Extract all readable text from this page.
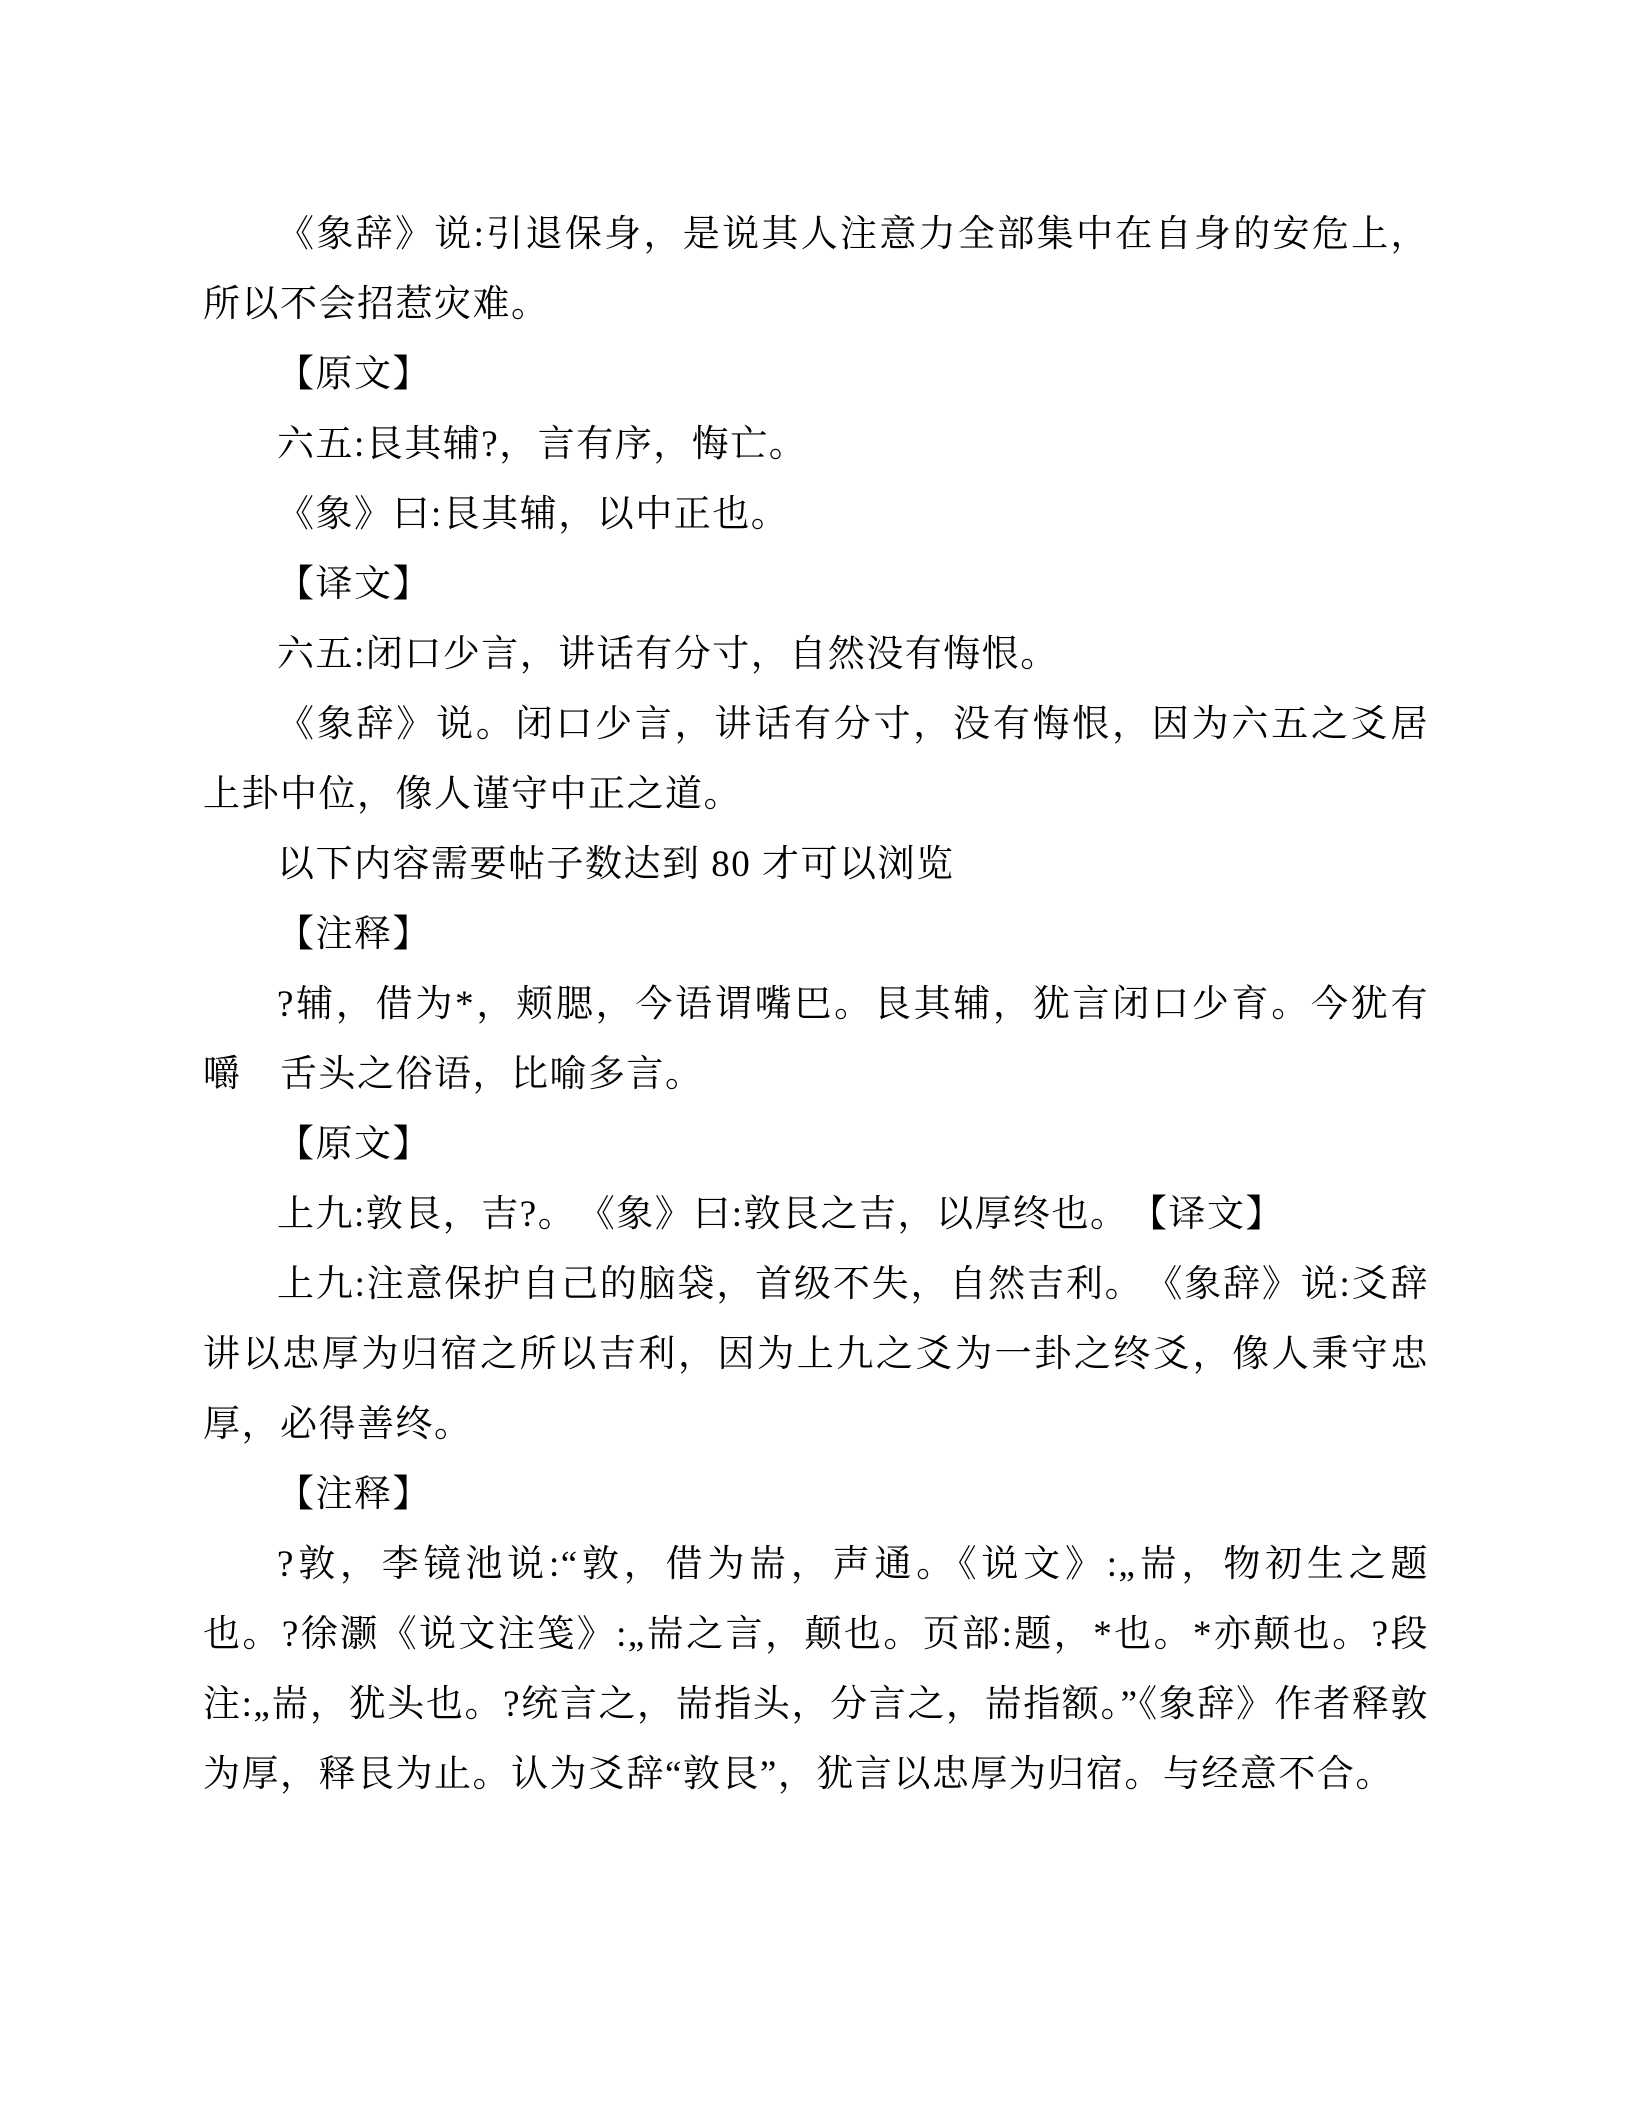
《象辞》说:引退保身，是说其人注意力全部集中在自身的安危上，所以不会招惹灾难。

【原文】

六五:艮其辅?，言有序，悔亡。

《象》曰:艮其辅，以中正也。

【译文】

六五:闭口少言，讲话有分寸，自然没有悔恨。

《象辞》说。闭口少言，讲话有分寸，没有悔恨，因为六五之爻居上卦中位，像人谨守中正之道。

以下内容需要帖子数达到 80 才可以浏览

【注释】

?辅，借为*，颊腮，今语谓嘴巴。艮其辅，犹言闭口少育。今犹有嚼　舌头之俗语，比喻多言。

【原文】

上九:敦艮，吉?。　《象》曰:敦艮之吉，以厚终也。　【译文】

上九:注意保护自己的脑袋，首级不失，自然吉利。　《象辞》说:爻辞讲以忠厚为归宿之所以吉利，因为上九之爻为一卦之终爻，像人秉守忠厚，必得善终。

【注释】

?敦，李镜池说:“敦，借为耑，声通。《说文》:„耑，物初生之题也。?徐灏《说文注笺》:„耑之言，颠也。页部:题，*也。*亦颠也。?段注:„耑，犹头也。?统言之，耑指头，分言之，耑指额。”《象辞》作者释敦为厚，释艮为止。认为爻辞“敦艮”，犹言以忠厚为归宿。与经意不合。
